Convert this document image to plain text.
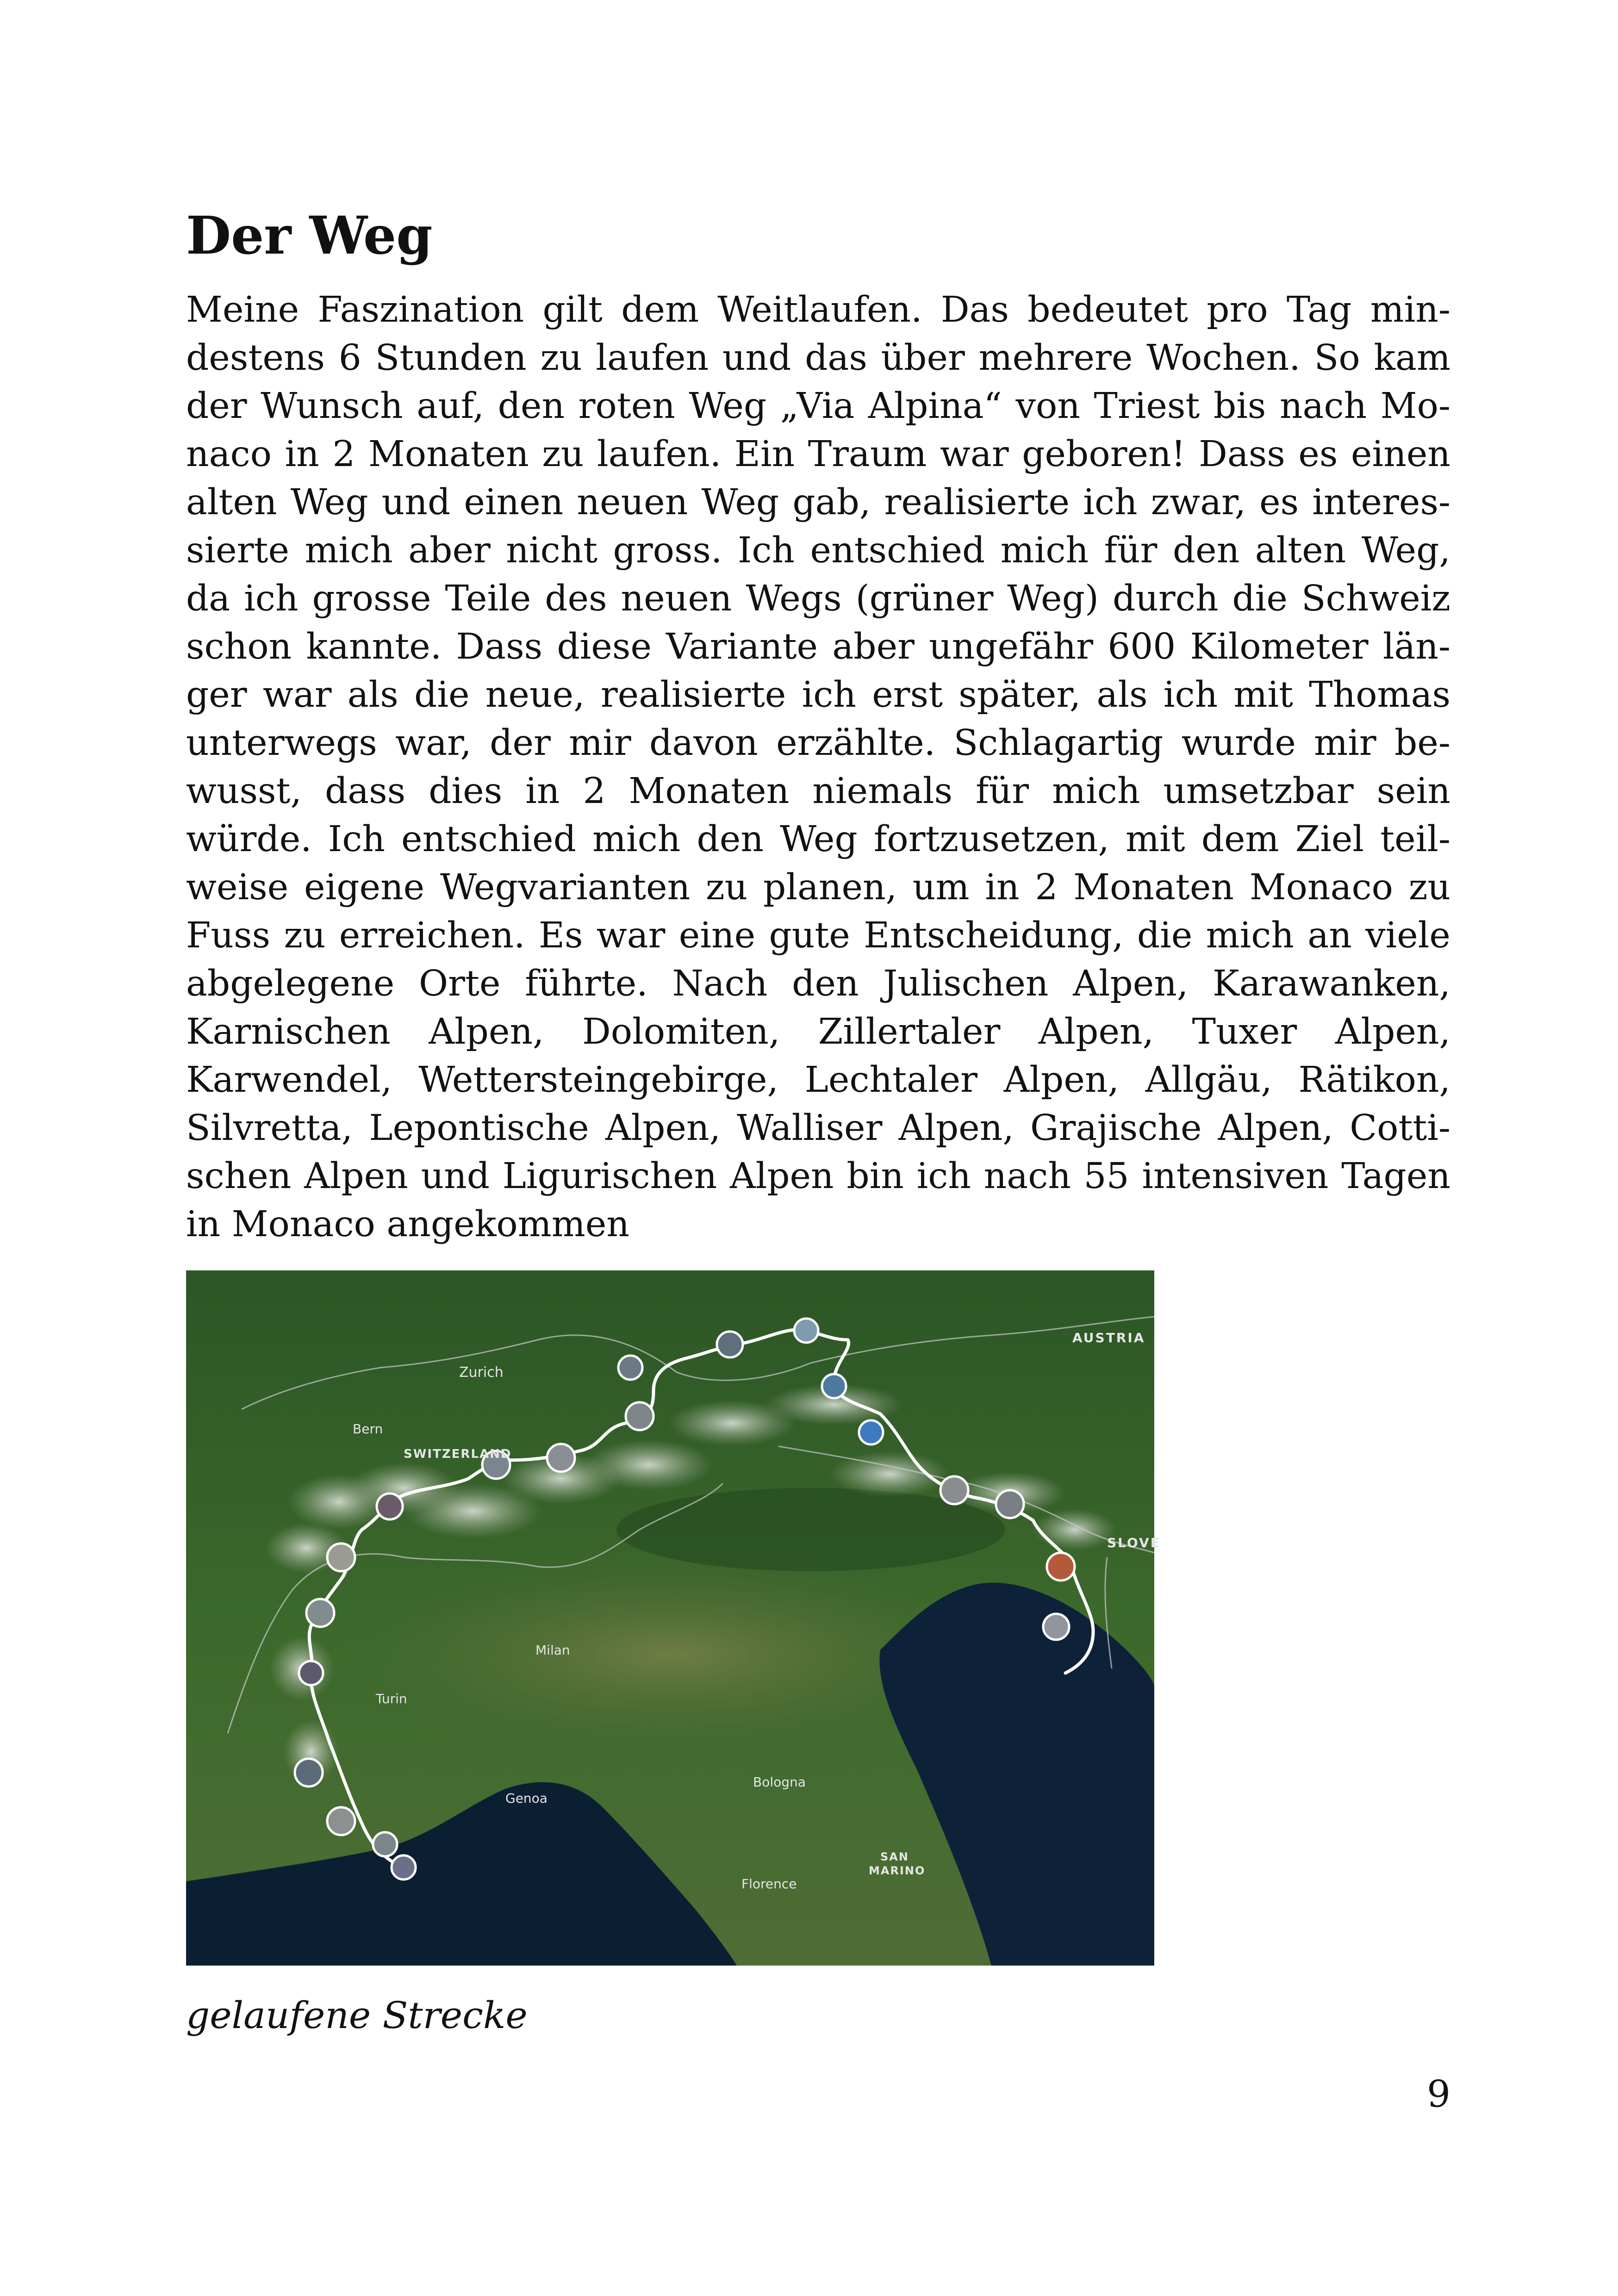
Der Weg
Meine Faszination gilt dem Weitlaufen. Das bedeutet pro Tag min-
destens 6 Stunden zu laufen und das über mehrere Wochen. So kam
der Wunsch auf, den roten Weg „Via Alpina“ von Triest bis nach Mo-
naco in 2 Monaten zu laufen. Ein Traum war geboren! Dass es einen
alten Weg und einen neuen Weg gab, realisierte ich zwar, es interes-
sierte mich aber nicht gross. Ich entschied mich für den alten Weg,
da ich grosse Teile des neuen Wegs (grüner Weg) durch die Schweiz
schon kannte. Dass diese Variante aber ungefähr 600 Kilometer län-
ger war als die neue, realisierte ich erst später, als ich mit Thomas
unterwegs war, der mir davon erzählte. Schlagartig wurde mir be-
wusst, dass dies in 2 Monaten niemals für mich umsetzbar sein
würde. Ich entschied mich den Weg fortzusetzen, mit dem Ziel teil-
weise eigene Wegvarianten zu planen, um in 2 Monaten Monaco zu
Fuss zu erreichen. Es war eine gute Entscheidung, die mich an viele
abgelegene Orte führte. Nach den Julischen Alpen, Karawanken,
Karnischen Alpen, Dolomiten, Zillertaler Alpen, Tuxer Alpen,
Karwendel, Wettersteingebirge, Lechtaler Alpen, Allgäu, Rätikon,
Silvretta, Lepontische Alpen, Walliser Alpen, Grajische Alpen, Cotti-
schen Alpen und Ligurischen Alpen bin ich nach 55 intensiven Tagen
in Monaco angekommen
AUSTRIA
Zurich
Bern
SWITZERLAND
SLOVE
Milan
Turin
Genoa
Bologna
SAN
MARINO
Florence
gelaufene Strecke
9
